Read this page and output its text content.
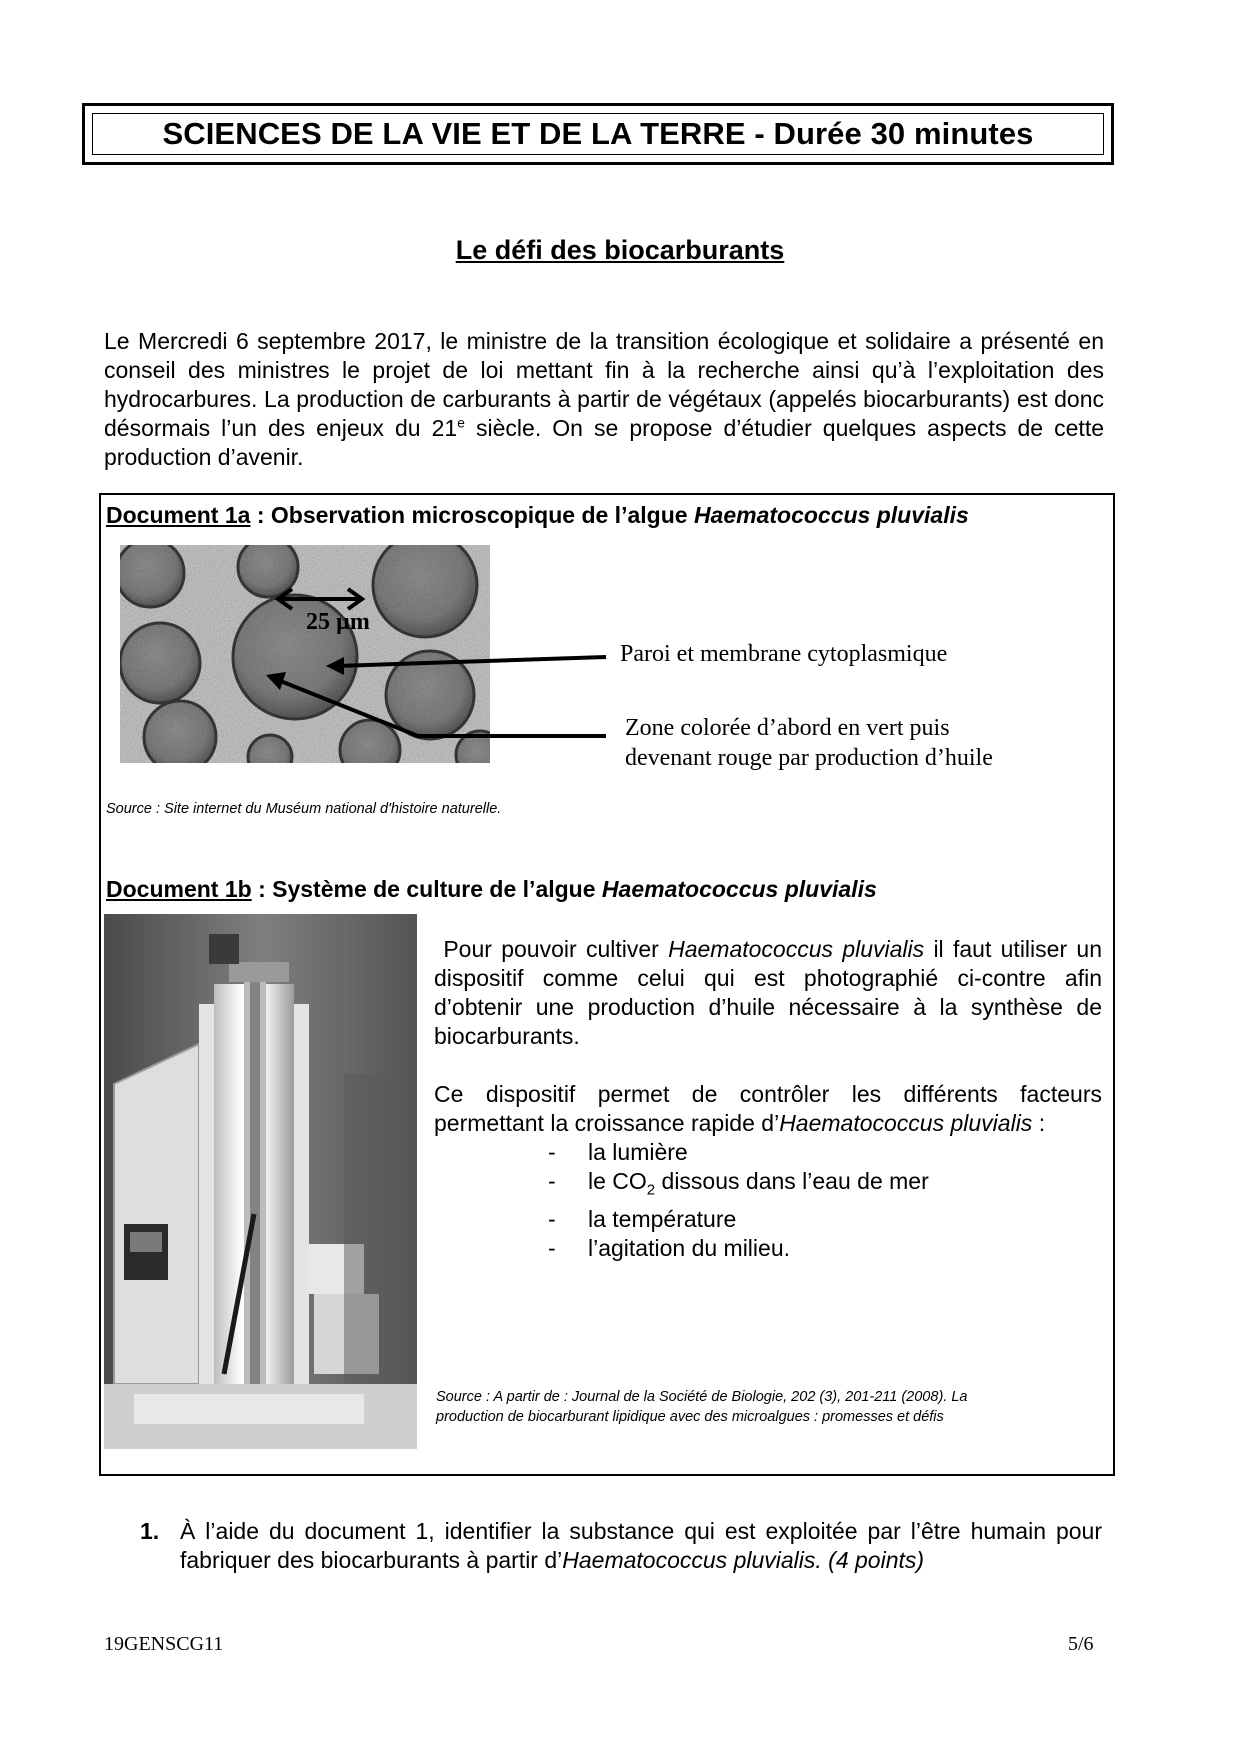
SCIENCES DE LA VIE ET DE LA TERRE - Durée 30 minutes
Le défi des biocarburants
Le Mercredi 6 septembre 2017, le ministre de la transition écologique et solidaire a présenté en conseil des ministres le projet de loi mettant fin à la recherche ainsi qu’à l’exploitation des hydrocarbures. La production de carburants à partir de végétaux (appelés biocarburants) est donc désormais l’un des enjeux du 21e siècle. On se propose d’étudier quelques aspects de cette production d’avenir.
Document 1a : Observation microscopique de l’algue Haematococcus pluvialis
25 µm
Paroi et membrane cytoplasmique
Zone colorée d’abord en vert puis
devenant rouge par production d’huile
Source : Site internet du Muséum national d'histoire naturelle.
Document 1b : Système de culture de l’algue Haematococcus pluvialis

Pour pouvoir cultiver Haematococcus pluvialis il faut utiliser un dispositif comme celui qui est photographié ci-contre afin d’obtenir une production d’huile nécessaire à la synthèse de biocarburants.

Ce dispositif permet de contrôler les différents facteurs permettant la croissance rapide d’Haematococcus pluvialis :

- la lumière
- le $CO_2$ dissous dans l’eau de mer
- la température
- l’agitation du milieu.
Source : A partir de : Journal de la Société de Biologie, 202 (3), 201-211 (2008). La
production de biocarburant lipidique avec des microalgues : promesses et défis
1. À l’aide du document 1, identifier la substance qui est exploitée par l’être humain pour fabriquer des biocarburants à partir d’Haematococcus pluvialis. (4 points)
19GENSCG11	5/6
